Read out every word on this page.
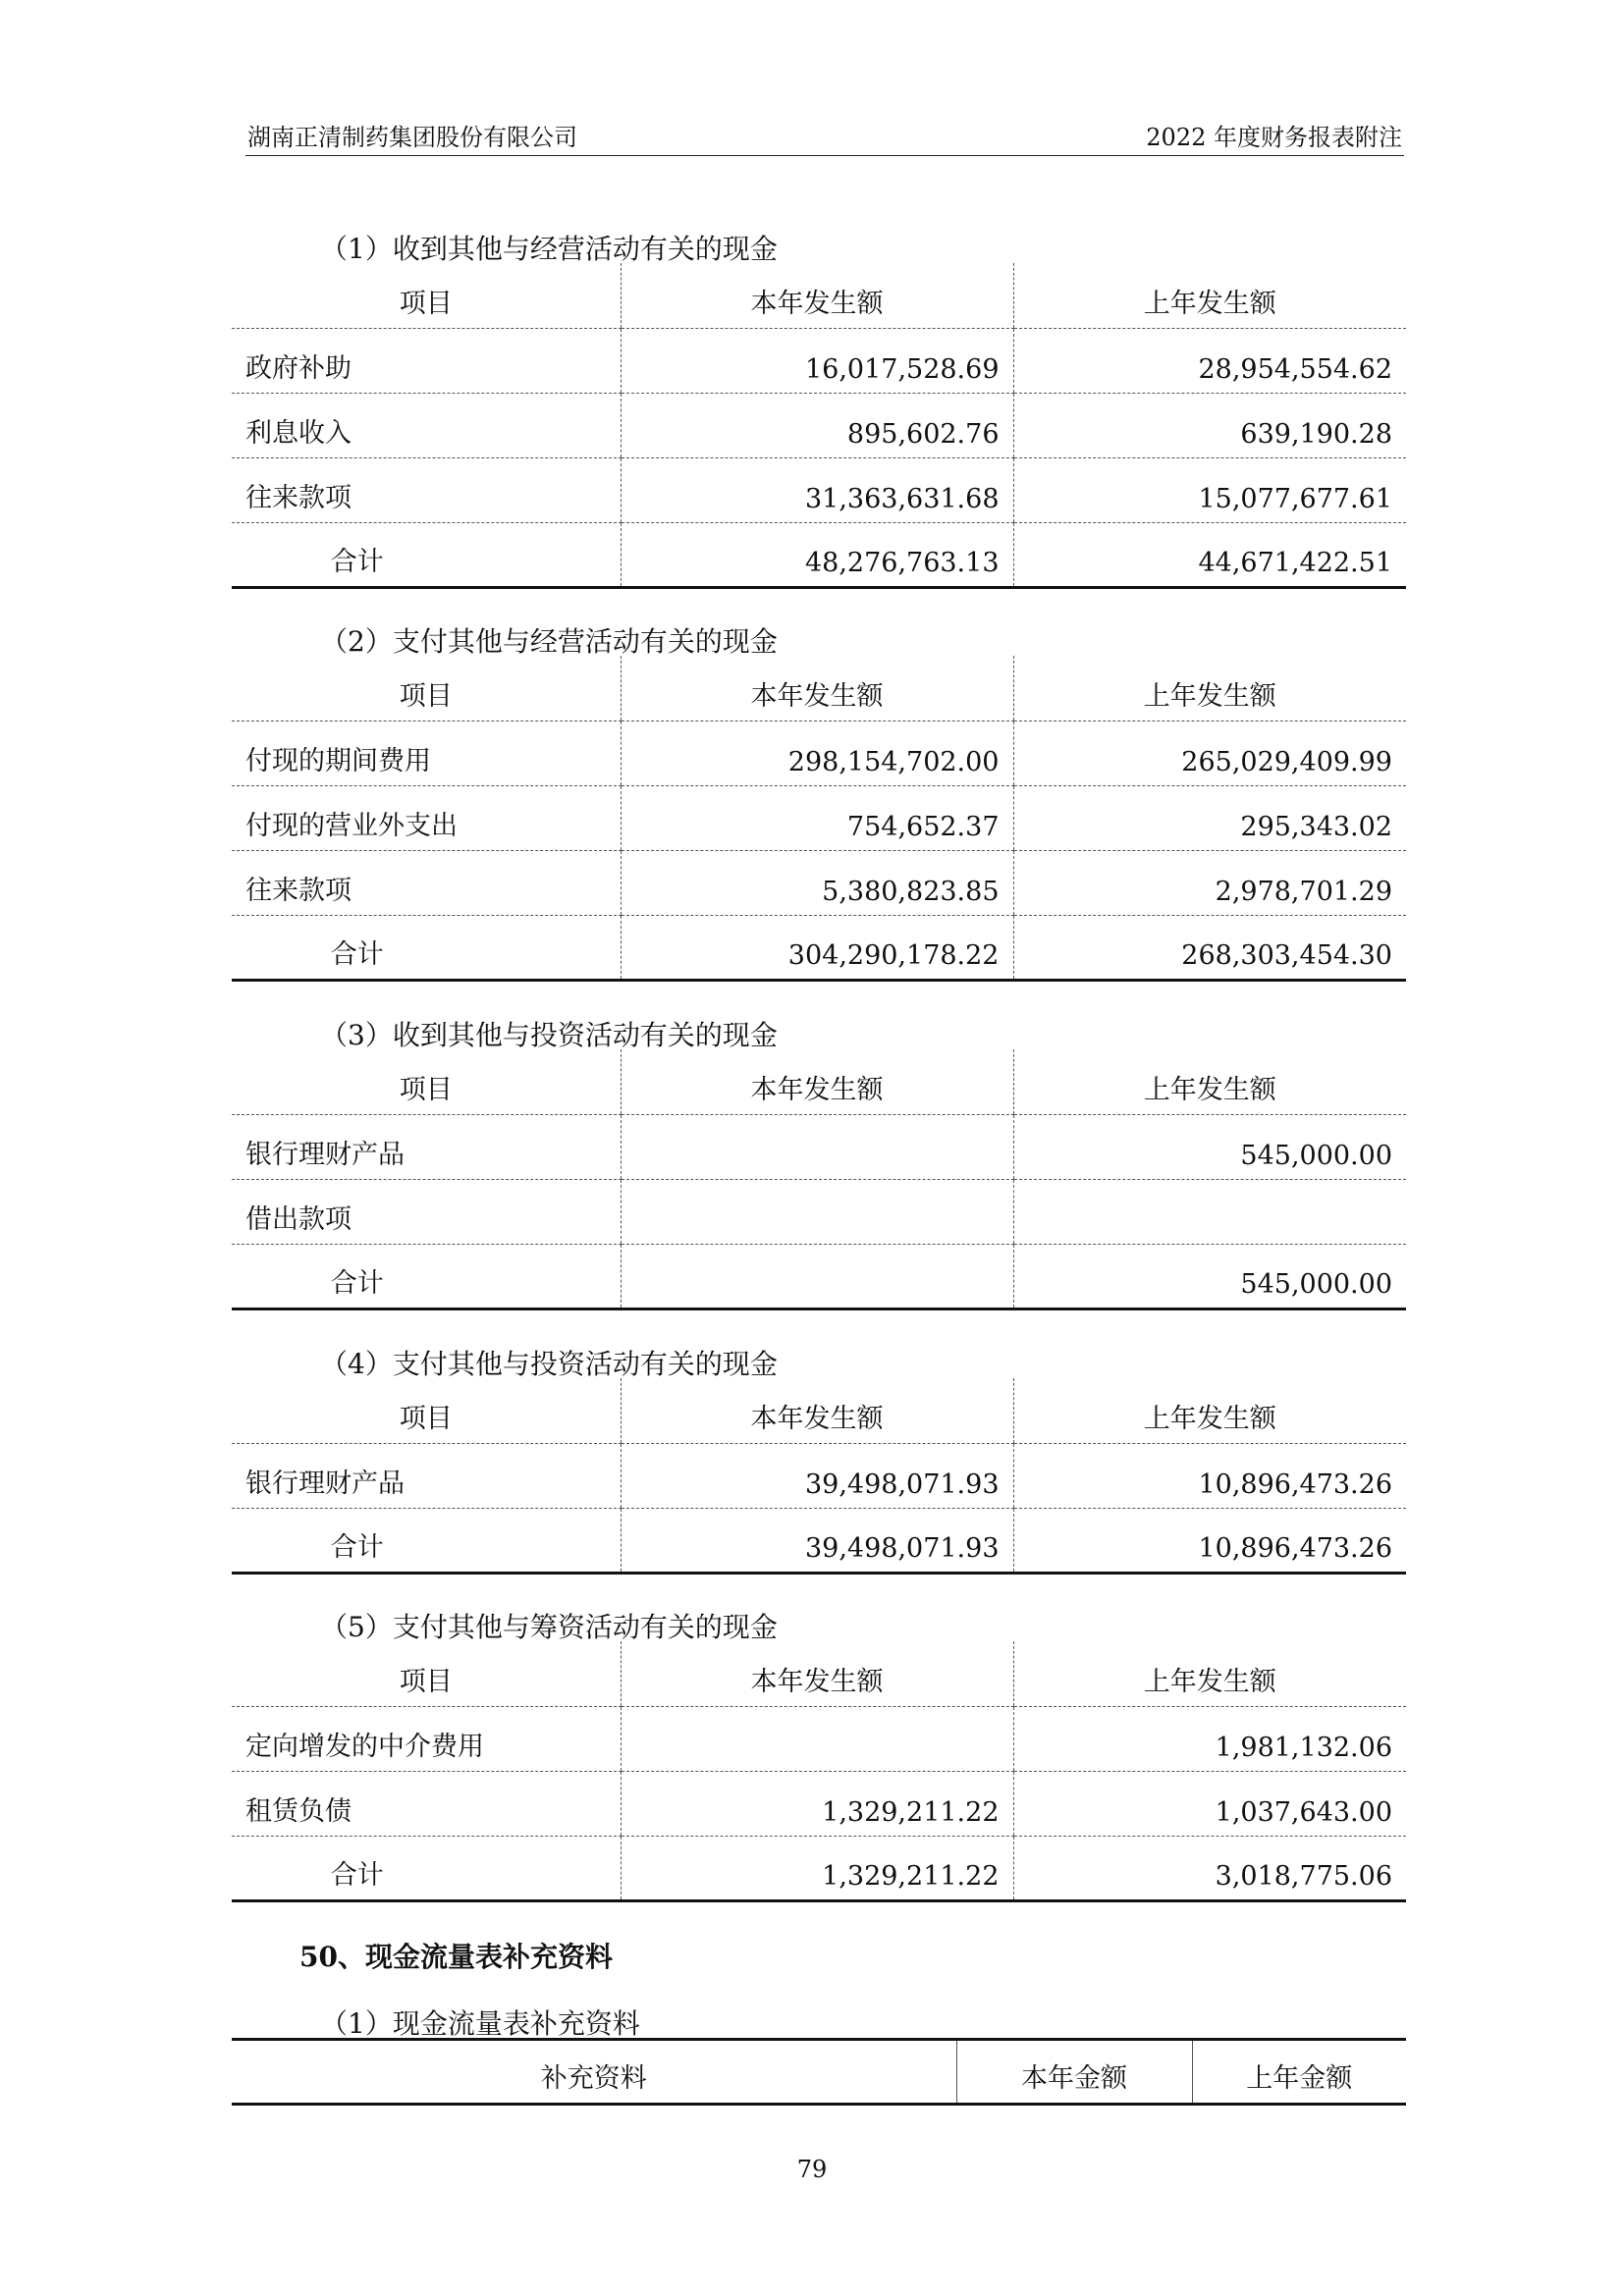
湖南正清制药集团股份有限公司	2022 年度财务报表附注
（1）收到其他与经营活动有关的现金
项目	本年发生额	上年发生额
政府补助	16,017,528.69	28,954,554.62
利息收入	895,602.76	639,190.28
往来款项	31,363,631.68	15,077,677.61
合计	48,276,763.13	44,671,422.51
（2）支付其他与经营活动有关的现金
项目	本年发生额	上年发生额
付现的期间费用	298,154,702.00	265,029,409.99
付现的营业外支出	754,652.37	295,343.02
往来款项	5,380,823.85	2,978,701.29
合计	304,290,178.22	268,303,454.30
（3）收到其他与投资活动有关的现金
项目	本年发生额	上年发生额
银行理财产品		545,000.00
借出款项		
合计		545,000.00
（4）支付其他与投资活动有关的现金
项目	本年发生额	上年发生额
银行理财产品	39,498,071.93	10,896,473.26
合计	39,498,071.93	10,896,473.26
（5）支付其他与筹资活动有关的现金
项目	本年发生额	上年发生额
定向增发的中介费用		1,981,132.06
租赁负债	1,329,211.22	1,037,643.00
合计	1,329,211.22	3,018,775.06
50、现金流量表补充资料
（1）现金流量表补充资料
补充资料	本年金额	上年金额
79
